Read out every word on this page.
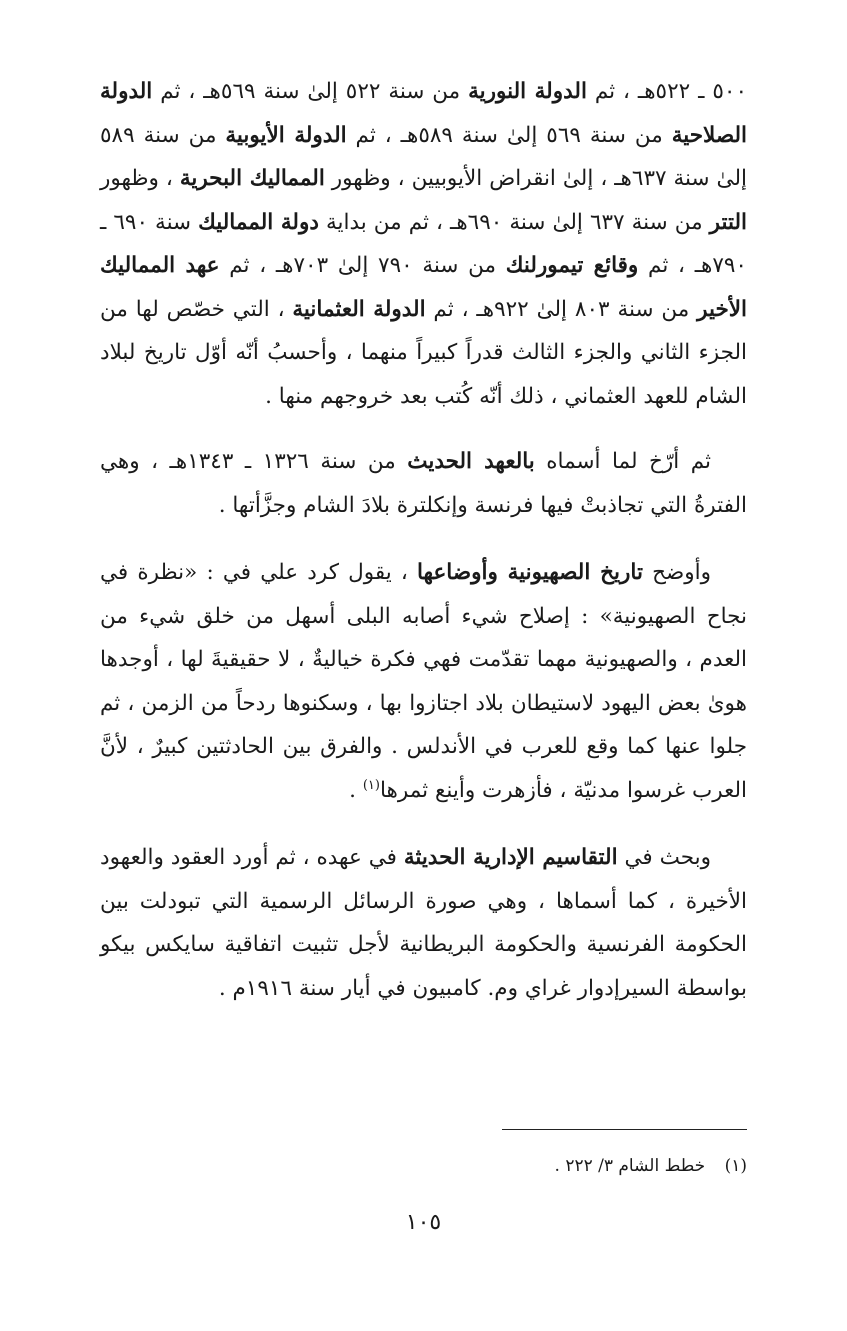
٥٠٠ ـ ٥٢٢هـ ، ثم الدولة النورية من سنة ٥٢٢ إلىٰ سنة ٥٦٩هـ ، ثم الدولة الصلاحية من سنة ٥٦٩ إلىٰ سنة ٥٨٩هـ ، ثم الدولة الأيوبية من سنة ٥٨٩ إلىٰ سنة ٦٣٧هـ ، إلىٰ انقراض الأيوبيين ، وظهور المماليك البحرية ، وظهور التتر من سنة ٦٣٧ إلىٰ سنة ٦٩٠هـ ، ثم من بداية دولة المماليك سنة ٦٩٠ ـ ٧٩٠هـ ، ثم وقائع تيمورلنك من سنة ٧٩٠ إلىٰ ٧٠٣هـ ، ثم عهد المماليك الأخير من سنة ٨٠٣ إلىٰ ٩٢٢هـ ، ثم الدولة العثمانية ، التي خصّص لها من الجزء الثاني والجزء الثالث قدراً كبيراً منهما ، وأحسبُ أنّه أوّل تاريخ لبلاد الشام للعهد العثماني ، ذلك أنّه كُتب بعد خروجهم منها .

ثم أرّخ لما أسماه بالعهد الحديث من سنة ١٣٢٦ ـ ١٣٤٣هـ ، وهي الفترةُ التي تجاذبتْ فيها فرنسة وإنكلترة بلادَ الشام وجزَّأتها .

وأوضح تاريخ الصهيونية وأوضاعها ، يقول كرد علي في : «نظرة في نجاح الصهيونية» : إصلاح شيء أصابه البلى أسهل من خلق شيء من العدم ، والصهيونية مهما تقدّمت فهي فكرة خياليةٌ ، لا حقيقيةَ لها ، أوجدها هوىٰ بعض اليهود لاستيطان بلاد اجتازوا بها ، وسكنوها ردحاً من الزمن ، ثم جلوا عنها كما وقع للعرب في الأندلس . والفرق بين الحادثتين كبيرٌ ، لأنَّ العرب غرسوا مدنيّة ، فأزهرت وأينع ثمرها$^{(١)}$ .

وبحث في التقاسيم الإدارية الحديثة في عهده ، ثم أورد العقود والعهود الأخيرة ، كما أسماها ، وهي صورة الرسائل الرسمية التي تبودلت بين الحكومة الفرنسية والحكومة البريطانية لأجل تثبيت اتفاقية سايكس بيكو بواسطة السيرإدوار غراي وم. كامبيون في أيار سنة ١٩١٦م .

(١) خطط الشام ٣/ ٢٢٢ .
١٠٥
